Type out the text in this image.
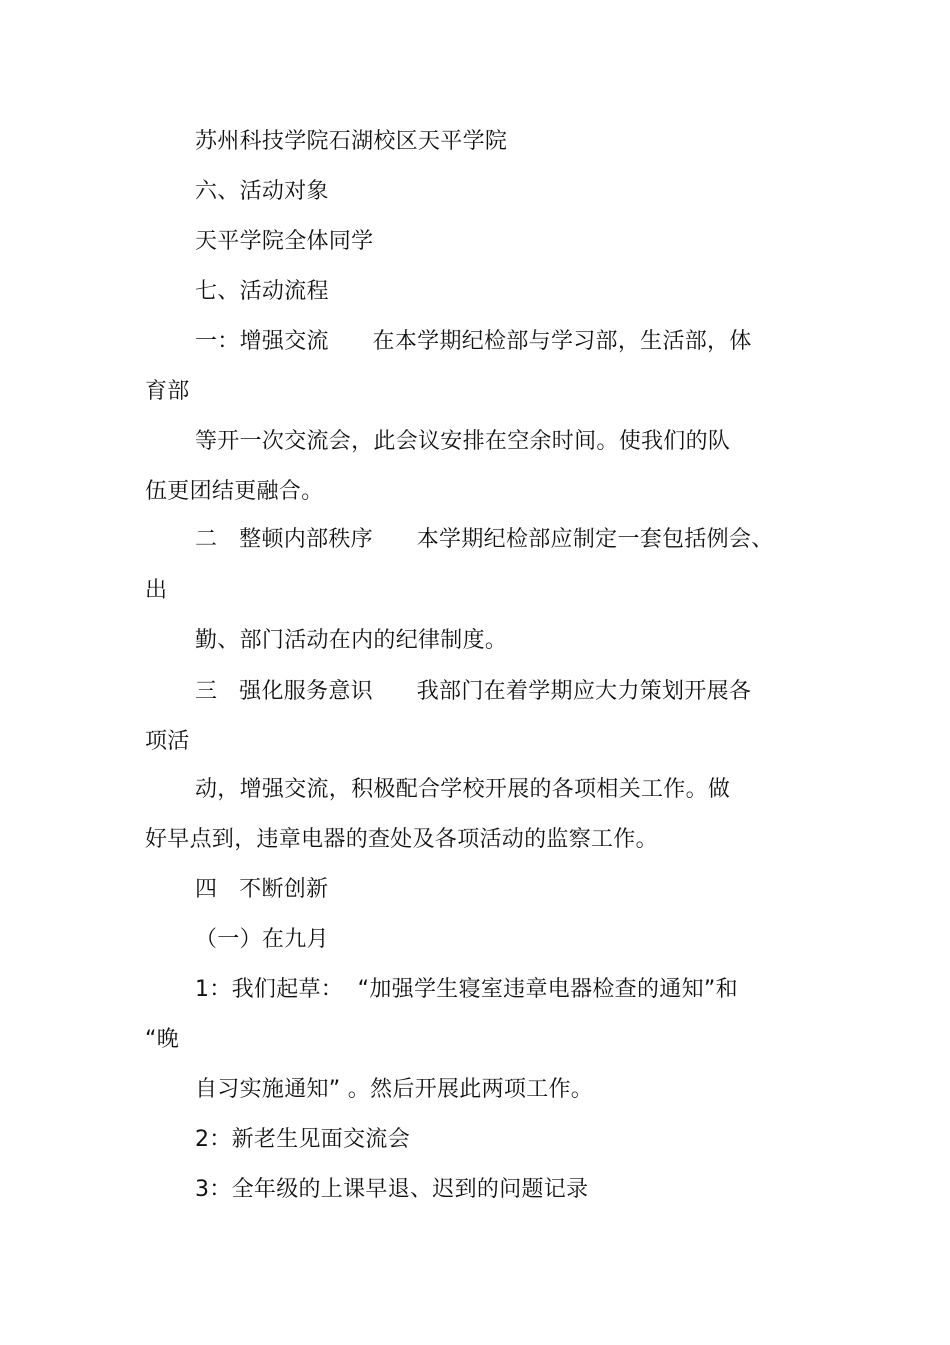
苏州科技学院石湖校区天平学院
六、活动对象
天平学院全体同学
七、活动流程
一：增强交流      在本学期纪检部与学习部，生活部，体
育部
等开一次交流会，此会议安排在空余时间。使我们的队
伍更团结更融合。
二   整顿内部秩序      本学期纪检部应制定一套包括例会、
出
勤、部门活动在内的纪律制度。
三   强化服务意识      我部门在着学期应大力策划开展各
项活
动，增强交流，积极配合学校开展的各项相关工作。做
好早点到，违章电器的查处及各项活动的监察工作。
四   不断创新
（一）在九月
1：我们起草：  “加强学生寝室违章电器检查的通知”和
“晚
自习实施通知” 。然后开展此两项工作。
2：新老生见面交流会
3：全年级的上课早退、迟到的问题记录
